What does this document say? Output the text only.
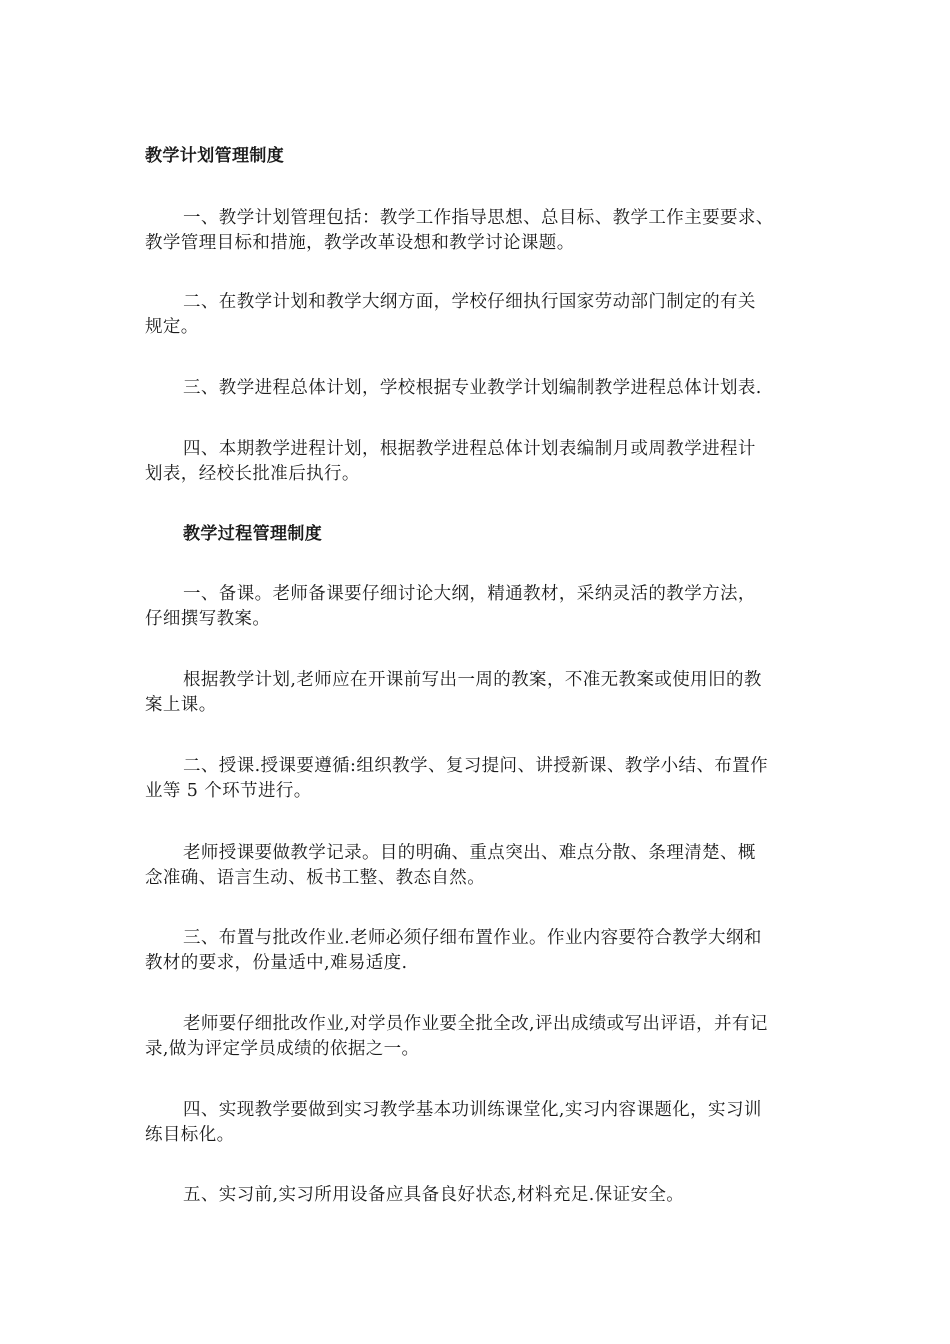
教学计划管理制度
一、教学计划管理包括：教学工作指导思想、总目标、教学工作主要要求、
教学管理目标和措施，教学改革设想和教学讨论课题。
二、在教学计划和教学大纲方面，学校仔细执行国家劳动部门制定的有关
规定。
三、教学进程总体计划，学校根据专业教学计划编制教学进程总体计划表.
四、本期教学进程计划，根据教学进程总体计划表编制月或周教学进程计
划表，经校长批准后执行。
教学过程管理制度
一、备课。老师备课要仔细讨论大纲，精通教材，采纳灵活的教学方法，
仔细撰写教案。
根据教学计划,老师应在开课前写出一周的教案，不准无教案或使用旧的教
案上课。
二、授课.授课要遵循:组织教学、复习提问、讲授新课、教学小结、布置作
业等 5 个环节进行。
老师授课要做教学记录。目的明确、重点突出、难点分散、条理清楚、概
念准确、语言生动、板书工整、教态自然。
三、布置与批改作业.老师必须仔细布置作业。作业内容要符合教学大纲和
教材的要求，份量适中,难易适度.
老师要仔细批改作业,对学员作业要全批全改,评出成绩或写出评语，并有记
录,做为评定学员成绩的依据之一。
四、实现教学要做到实习教学基本功训练课堂化,实习内容课题化，实习训
练目标化。
五、实习前,实习所用设备应具备良好状态,材料充足.保证安全。
